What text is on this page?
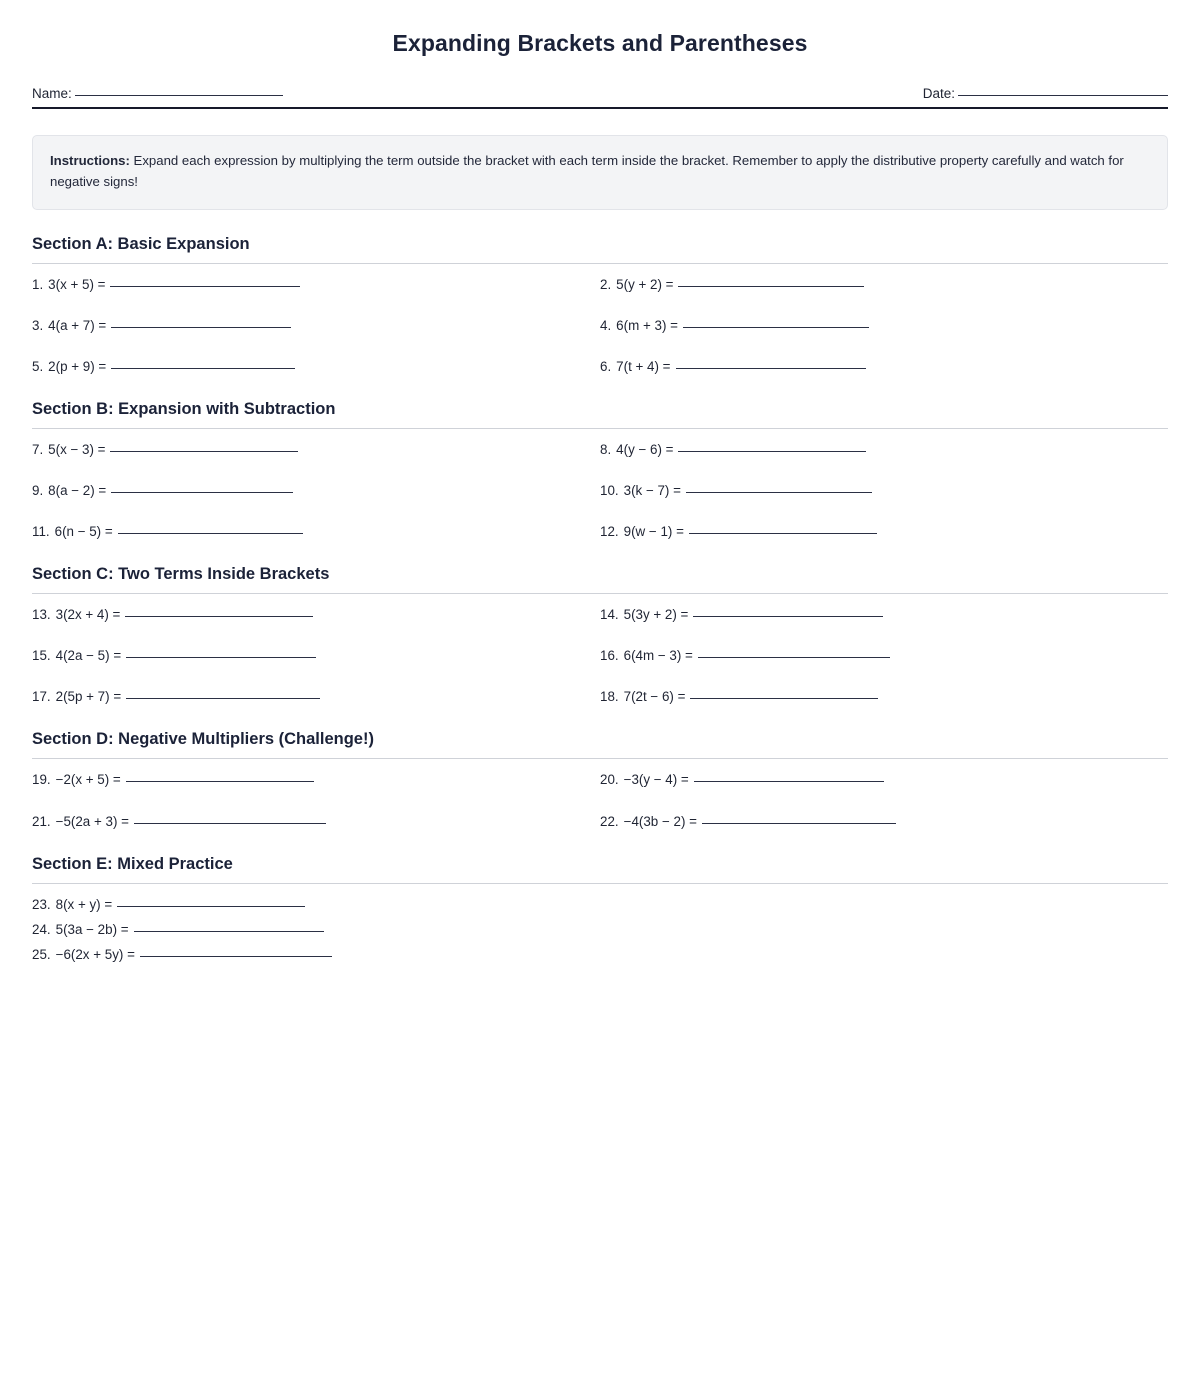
Expanding Brackets and Parentheses
Name:	Date:
Instructions: Expand each expression by multiplying the term outside the bracket with each term inside the bracket. Remember to apply the distributive property carefully and watch for negative signs!
Section A: Basic Expansion
1. 3(x + 5) =	2. 5(y + 2) =
3. 4(a + 7) =	4. 6(m + 3) =
5. 2(p + 9) =	6. 7(t + 4) =
Section B: Expansion with Subtraction
7. 5(x − 3) =	8. 4(y − 6) =
9. 8(a − 2) =	10. 3(k − 7) =
11. 6(n − 5) =	12. 9(w − 1) =
Section C: Two Terms Inside Brackets
13. 3(2x + 4) =	14. 5(3y + 2) =
15. 4(2a − 5) =	16. 6(4m − 3) =
17. 2(5p + 7) =	18. 7(2t − 6) =
Section D: Negative Multipliers (Challenge!)
19. −2(x + 5) =	20. −3(y − 4) =
21. −5(2a + 3) =	22. −4(3b − 2) =
Section E: Mixed Practice
23. 8(x + y) =
24. 5(3a − 2b) =
25. −6(2x + 5y) =
